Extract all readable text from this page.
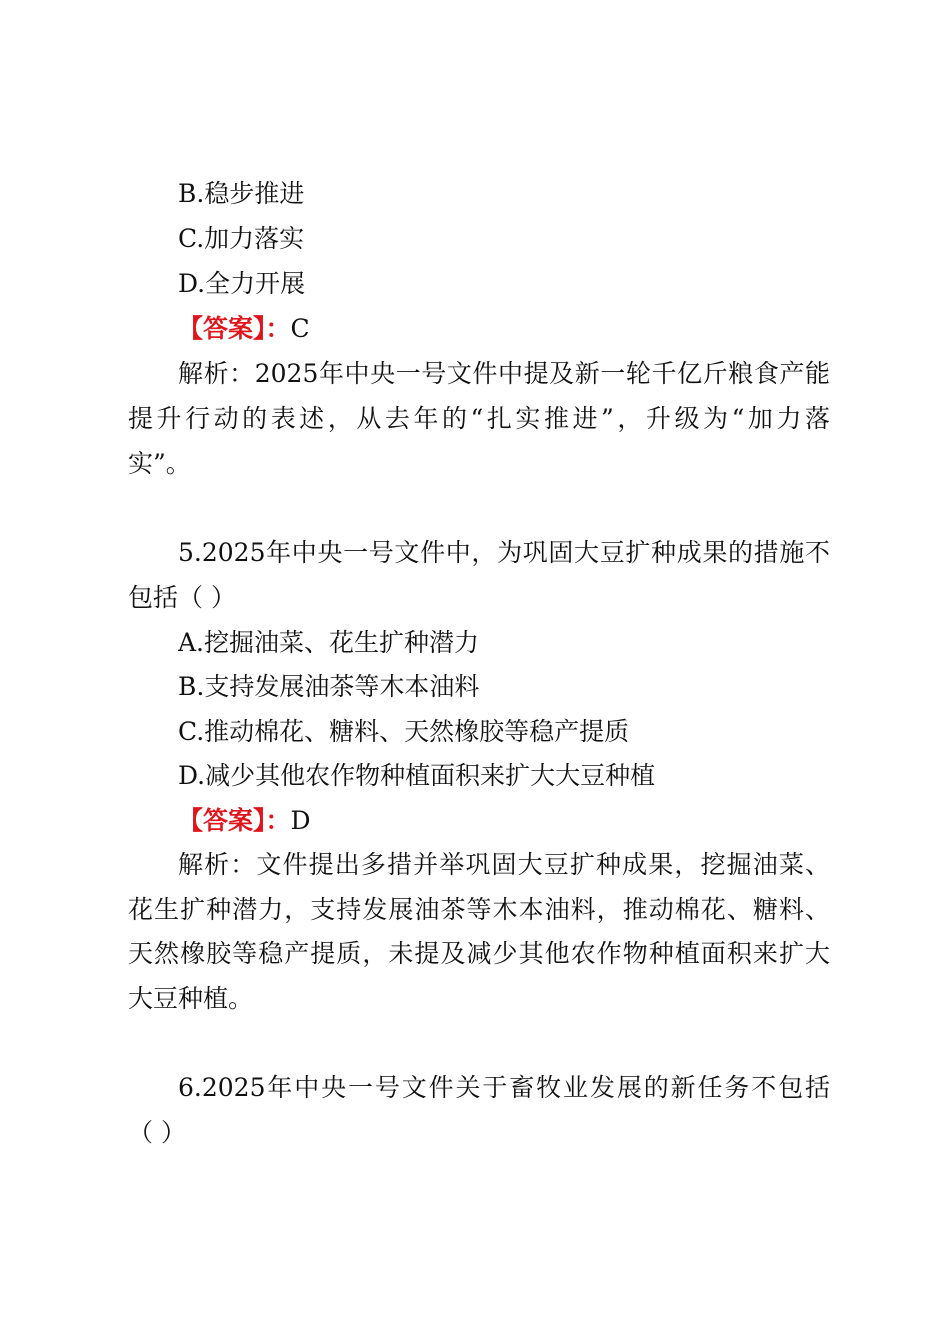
B.稳步推进
C.加力落实
D.全力开展
【答案】：C
解析：2025年中央一号文件中提及新一轮千亿斤粮食产能
提升行动的表述，从去年的“扎实推进”，升级为“加力落
实”。
5.2025年中央一号文件中，为巩固大豆扩种成果的措施不
包括（ ）
A.挖掘油菜、花生扩种潜力
B.支持发展油茶等木本油料
C.推动棉花、糖料、天然橡胶等稳产提质
D.减少其他农作物种植面积来扩大大豆种植
【答案】：D
解析：文件提出多措并举巩固大豆扩种成果，挖掘油菜、
花生扩种潜力，支持发展油茶等木本油料，推动棉花、糖料、
天然橡胶等稳产提质，未提及减少其他农作物种植面积来扩大
大豆种植。
6.2025年中央一号文件关于畜牧业发展的新任务不包括
（ ）
